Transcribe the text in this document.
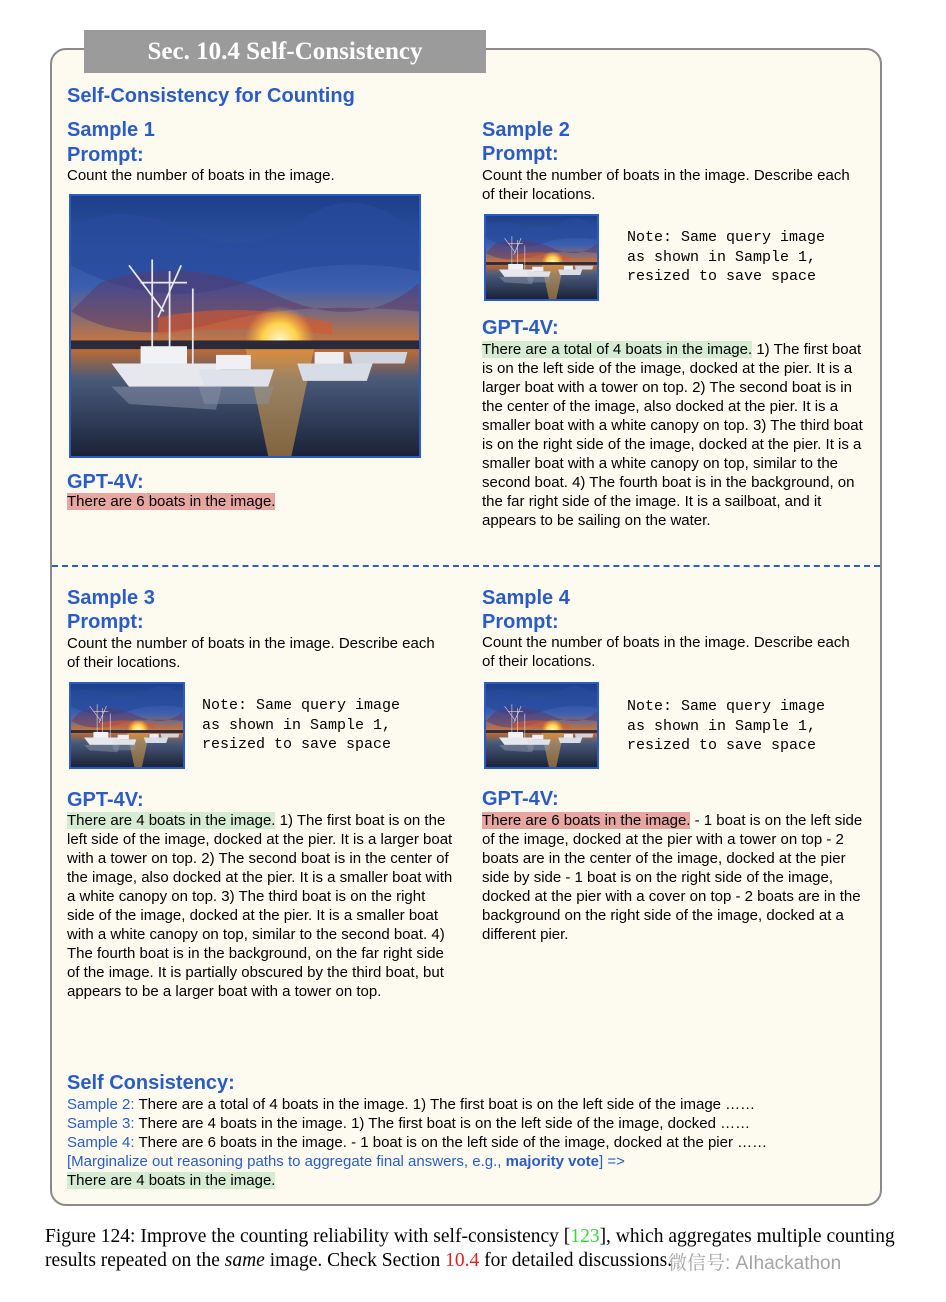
Sec. 10.4 Self-Consistency
Self-Consistency for Counting
Sample 1
Prompt:

Count the number of boats in the image.

GPT-4V:

There are 6 boats in the image.

Sample 2
Prompt:

Count the number of boats in the image. Describe each of their locations.

Note: Same query image
as shown in Sample 1,
resized to save space
GPT-4V:

There are a total of 4 boats in the image. 1) The first boat is on the left side of the image, docked at the pier. It is a larger boat with a tower on top. 2) The second boat is in the center of the image, also docked at the pier. It is a smaller boat with a white canopy on top. 3) The third boat is on the right side of the image, docked at the pier. It is a smaller boat with a white canopy on top, similar to the second boat. 4) The fourth boat is in the background, on the far right side of the image. It is a sailboat, and it appears to be sailing on the water.

Sample 3
Prompt:

Count the number of boats in the image. Describe each of their locations.

Note: Same query image
as shown in Sample 1,
resized to save space
GPT-4V:

There are 4 boats in the image. 1) The first boat is on the left side of the image, docked at the pier. It is a larger boat with a tower on top. 2) The second boat is in the center of the image, also docked at the pier. It is a smaller boat with a white canopy on top. 3) The third boat is on the right side of the image, docked at the pier. It is a smaller boat with a white canopy on top, similar to the second boat. 4) The fourth boat is in the background, on the far right side of the image. It is partially obscured by the third boat, but appears to be a larger boat with a tower on top.

Sample 4
Prompt:

Count the number of boats in the image. Describe each of their locations.

Note: Same query image
as shown in Sample 1,
resized to save space
GPT-4V:

There are 6 boats in the image. - 1 boat is on the left side of the image, docked at the pier with a tower on top - 2 boats are in the center of the image, docked at the pier side by side - 1 boat is on the right side of the image, docked at the pier with a cover on top - 2 boats are in the background on the right side of the image, docked at a different pier.

Self Consistency:
Sample 2: There are a total of 4 boats in the image. 1) The first boat is on the left side of the image ……
Sample 3: There are 4 boats in the image. 1) The first boat is on the left side of the image, docked ……
Sample 4: There are 6 boats in the image. - 1 boat is on the left side of the image, docked at the pier ……
[Marginalize out reasoning paths to aggregate final answers, e.g., majority vote] =>
There are 4 boats in the image.
Figure 124: Improve the counting reliability with self-consistency [123], which aggregates multiple counting results repeated on the same image. Check Section 10.4 for detailed discussions.
微信号: AIhackathon
